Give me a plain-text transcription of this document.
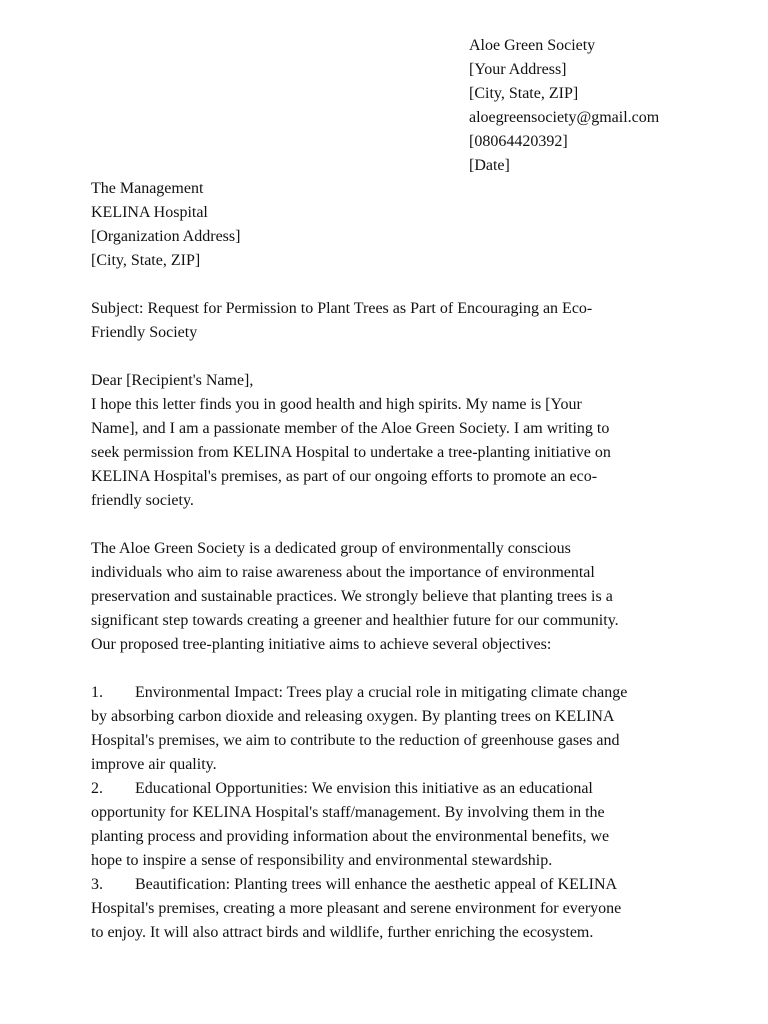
Aloe Green Society
[Your Address]
[City, State, ZIP]
aloegreensociety@gmail.com
[08064420392]
[Date]
The Management
KELINA Hospital
[Organization Address]
[City, State, ZIP]
Subject: Request for Permission to Plant Trees as Part of Encouraging an Eco-
Friendly Society
Dear [Recipient's Name],
I hope this letter finds you in good health and high spirits. My name is [Your
Name], and I am a passionate member of the Aloe Green Society. I am writing to
seek permission from KELINA Hospital to undertake a tree-planting initiative on
KELINA Hospital's premises, as part of our ongoing efforts to promote an eco-
friendly society.
The Aloe Green Society is a dedicated group of environmentally conscious
individuals who aim to raise awareness about the importance of environmental
preservation and sustainable practices. We strongly believe that planting trees is a
significant step towards creating a greener and healthier future for our community.
Our proposed tree-planting initiative aims to achieve several objectives:
1. Environmental Impact: Trees play a crucial role in mitigating climate change
by absorbing carbon dioxide and releasing oxygen. By planting trees on KELINA
Hospital's premises, we aim to contribute to the reduction of greenhouse gases and
improve air quality.
2. Educational Opportunities: We envision this initiative as an educational
opportunity for KELINA Hospital's staff/management. By involving them in the
planting process and providing information about the environmental benefits, we
hope to inspire a sense of responsibility and environmental stewardship.
3. Beautification: Planting trees will enhance the aesthetic appeal of KELINA
Hospital's premises, creating a more pleasant and serene environment for everyone
to enjoy. It will also attract birds and wildlife, further enriching the ecosystem.
